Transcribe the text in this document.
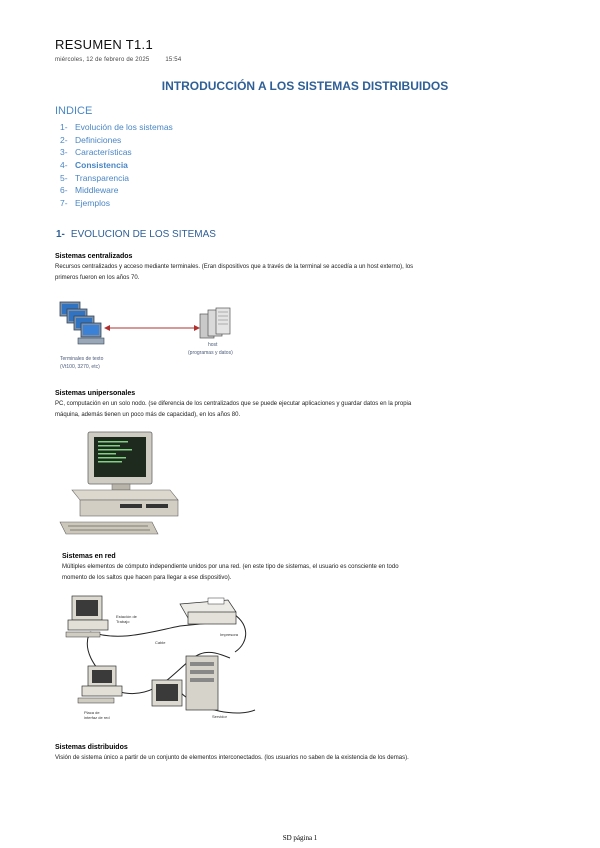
RESUMEN T1.1
miércoles, 12 de febrero de 2025	15:54
INTRODUCCIÓN A LOS SISTEMAS DISTRIBUIDOS
INDICE
1- Evolución de los sistemas
2- Definiciones
3- Características
4- Consistencia
5- Transparencia
6- Middleware
7- Ejemplos
1- EVOLUCION DE LOS SITEMAS
Sistemas centralizados
Recursos centralizados y acceso mediante terminales. (Eran dispositivos que a través de la terminal se accedía a un host externo), los primeros fueron en los años 70.
Terminales de texto
(Vt100, 3270, etc)
host
(programas y datos)
Sistemas unipersonales
PC, computación en un solo nodo. (se diferencia de los centralizados que se puede ejecutar aplicaciones y guardar datos en la propia máquina, además tienen un poco más de capacidad), en los años 80.
Sistemas en red
Múltiples elementos de cómputo independiente unidos por una red. (en este tipo de sistemas, el usuario es consciente en todo momento de los saltos que hacen para llegar a ese dispositivo).
Estación de
Trabajo
Cable
Impresora
Placa de
interfaz de red	Servidor
Sistemas distribuidos
Visión de sistema único a partir de un conjunto de elementos interconectados. (los usuarios no saben de la existencia de los demas).
SD página 1
